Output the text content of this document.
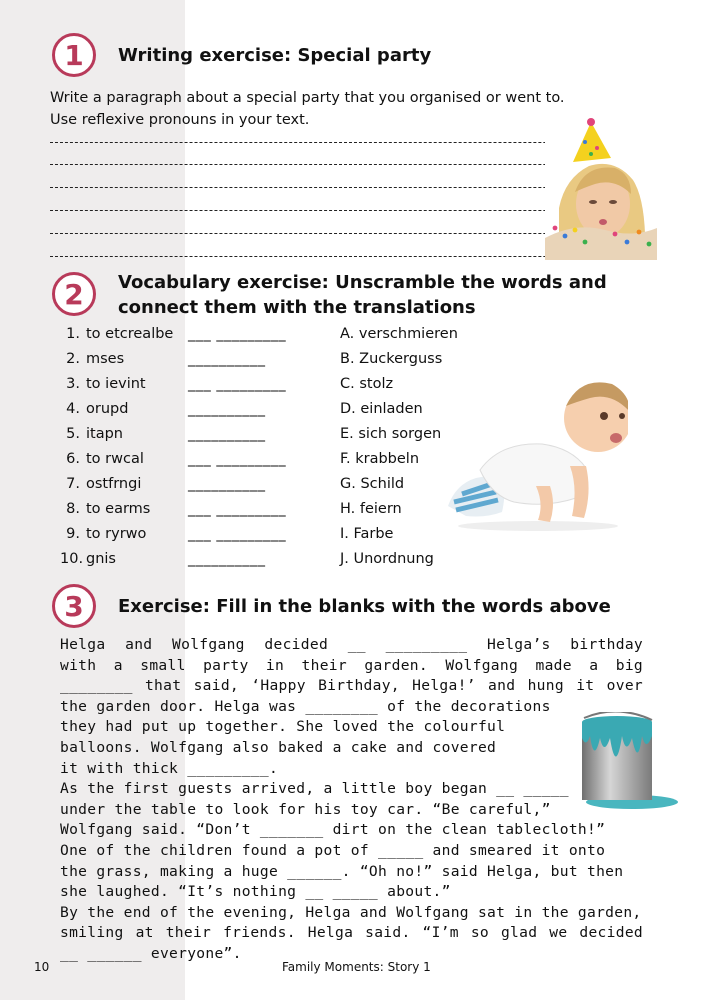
1	Writing exercise: Special party
Write a paragraph about a special party that you organised or went to.
Use reflexive pronouns in your text.
2	Vocabulary exercise: Unscramble the words and
connect them with the translations
1. to etcrealbe ___ _________	A. verschmieren
2. mses	__________	B. Zuckerguss
3. to ievint	___ _________	C. stolz
4. orupd	__________	D. einladen
5. itapn	__________	E. sich sorgen
6. to rwcal	___ _________	F. krabbeln
7. ostfrngi	__________	G. Schild
8. to earms	___ _________	H. feiern
9. to ryrwo	___ _________	I. Farbe
10. gnis	__________	J. Unordnung
3	Exercise: Fill in the blanks with the words above
Helga and Wolfgang decided __ _________ Helga’s birthday
with a small party in their garden. Wolfgang made a big
________ that said, ‘Happy Birthday, Helga!’ and hung it over
the garden door. Helga was ________ of the decorations
they had put up together. She loved the colourful
balloons. Wolfgang also baked a cake and covered
it with thick _________.
As the first guests arrived, a little boy began __ _____
under the table to look for his toy car. “Be careful,”
Wolfgang said. “Don’t _______ dirt on the clean tablecloth!”
One of the children found a pot of _____ and smeared it onto
the grass, making a huge ______. “Oh no!” said Helga, but then
she laughed. “It’s nothing __ _____ about.”
By the end of the evening, Helga and Wolfgang sat in the garden,
smiling at their friends. Helga said. “I’m so glad we decided
__ ______ everyone”.
10	Family Moments: Story 1
